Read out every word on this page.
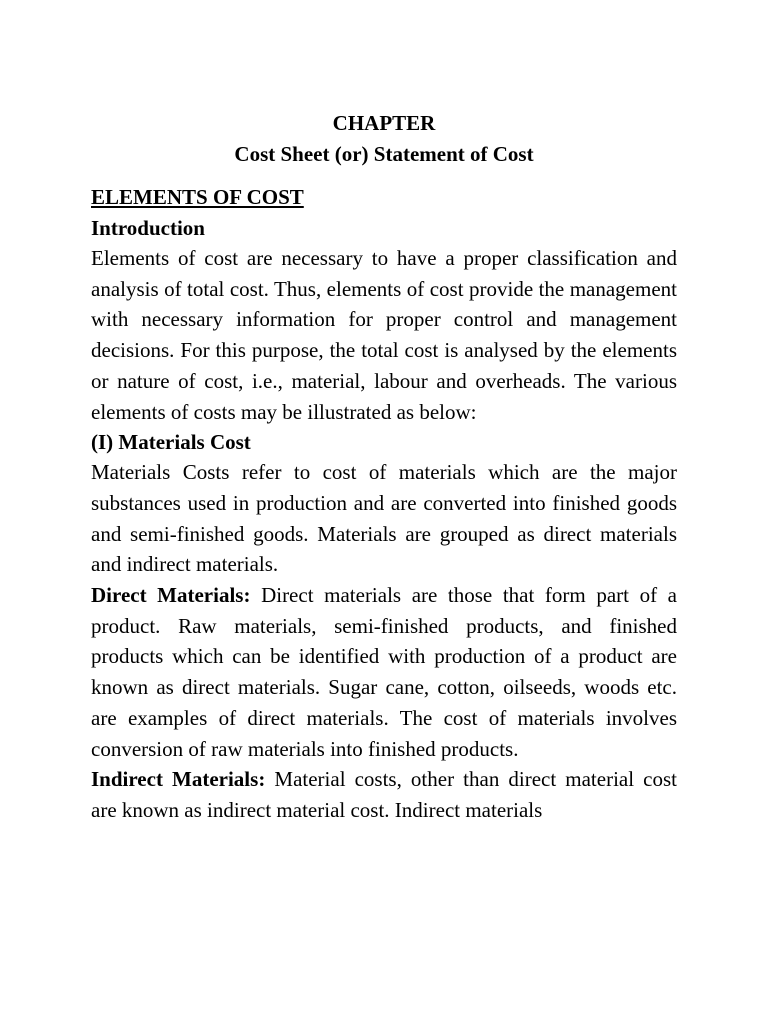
CHAPTER

Cost Sheet (or) Statement of Cost

ELEMENTS OF COST

Introduction

Elements of cost are necessary to have a proper classification and analysis of total cost. Thus, elements of cost provide the management with necessary information for proper control and management decisions. For this purpose, the total cost is analysed by the elements or nature of cost, i.e., material, labour and overheads. The various elements of costs may be illustrated as below:

(I) Materials Cost

Materials Costs refer to cost of materials which are the major substances used in production and are converted into finished goods and semi-finished goods. Materials are grouped as direct materials and indirect materials.

Direct Materials: Direct materials are those that form part of a product. Raw materials, semi-finished products, and finished products which can be identified with production of a product are known as direct materials. Sugar cane, cotton, oilseeds, woods etc. are examples of direct materials. The cost of materials involves conversion of raw materials into finished products.

Indirect Materials: Material costs, other than direct material cost are known as indirect material cost. Indirect materials
